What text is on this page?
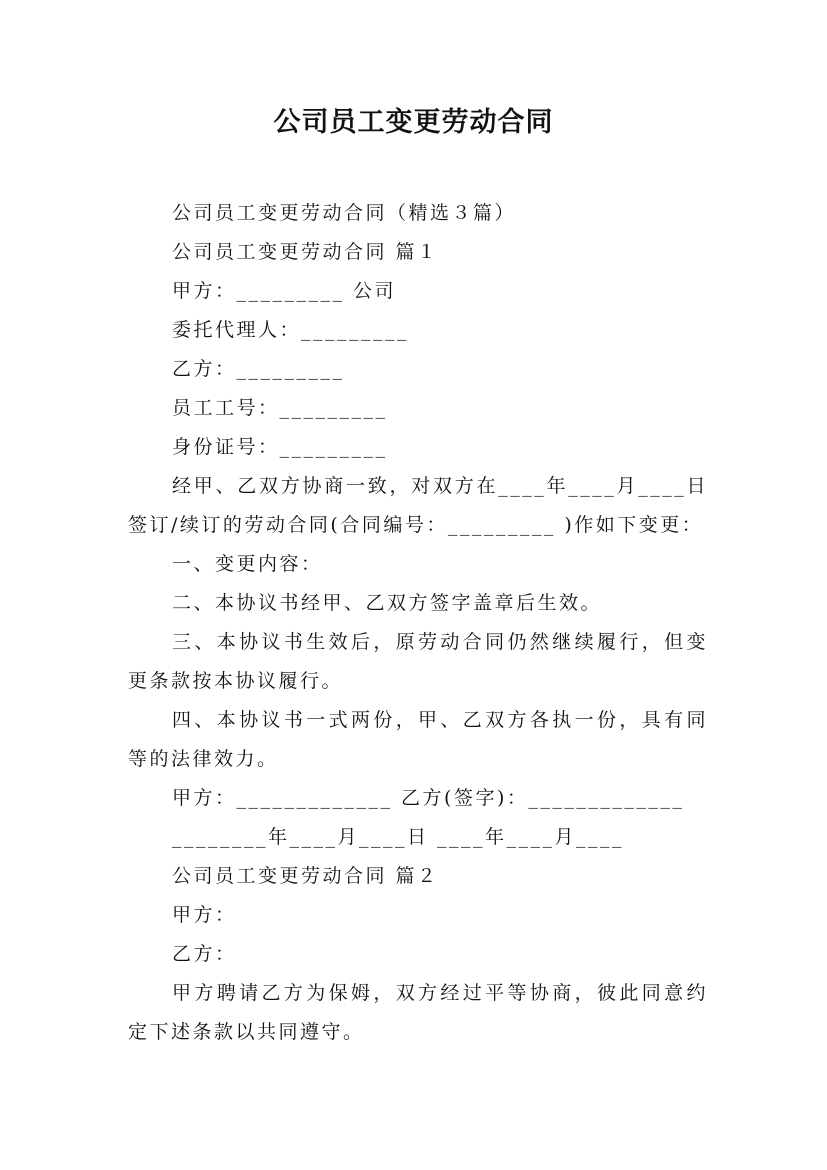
公司员工变更劳动合同

公司员工变更劳动合同（精选３篇）

公司员工变更劳动合同 篇１

甲方：_________ 公司

委托代理人：_________

乙方：_________

员工工号：_________

身份证号：_________

经甲、乙双方协商一致，对双方在____年____月____日签订/续订的劳动合同(合同编号：_________ )作如下变更：

一、变更内容：

二、本协议书经甲、乙双方签字盖章后生效。

三、本协议书生效后，原劳动合同仍然继续履行，但变更条款按本协议履行。

四、本协议书一式两份，甲、乙双方各执一份，具有同等的法律效力。

甲方：_____________ 乙方(签字)：_____________

________年____月____日 ____年____月____

公司员工变更劳动合同 篇２

甲方：

乙方：

甲方聘请乙方为保姆，双方经过平等协商，彼此同意约定下述条款以共同遵守。
